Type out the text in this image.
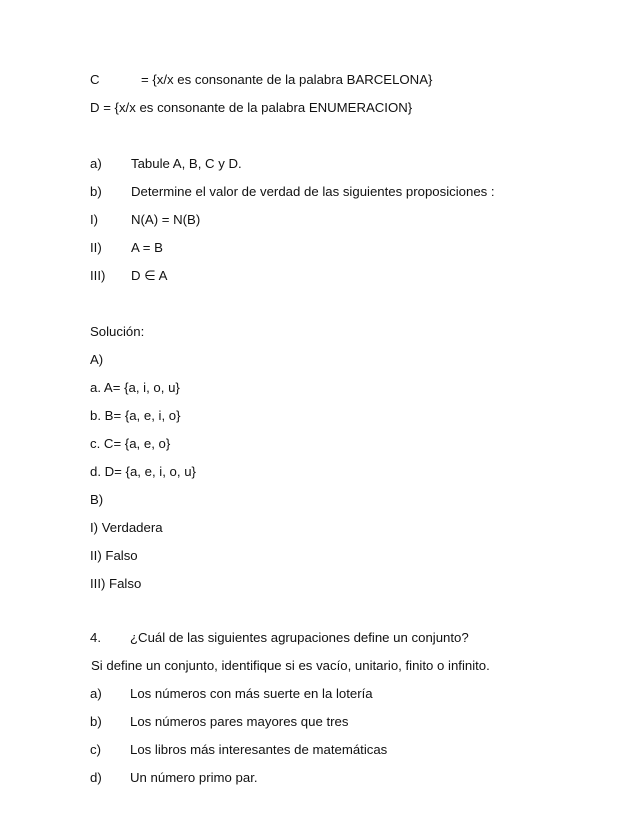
C	= {x/x es consonante de la palabra BARCELONA}
D = {x/x es consonante de la palabra ENUMERACION}
a) Tabule A, B, C y D.
b) Determine el valor de verdad de las siguientes proposiciones :
I) N(A) = N(B)
II) A = B
III) D ∈ A
Solución:
A)
a. A= {a, i, o, u}
b. B= {a, e, i, o}
c. C= {a, e, o}
d. D= {a, e, i, o, u}
B)
I) Verdadera
II) Falso
III) Falso
4. ¿Cuál de las siguientes agrupaciones define un conjunto?
Si define un conjunto, identifique si es vacío, unitario, finito o infinito.
a) Los números con más suerte en la lotería
b) Los números pares mayores que tres
c) Los libros más interesantes de matemáticas
d) Un número primo par.
